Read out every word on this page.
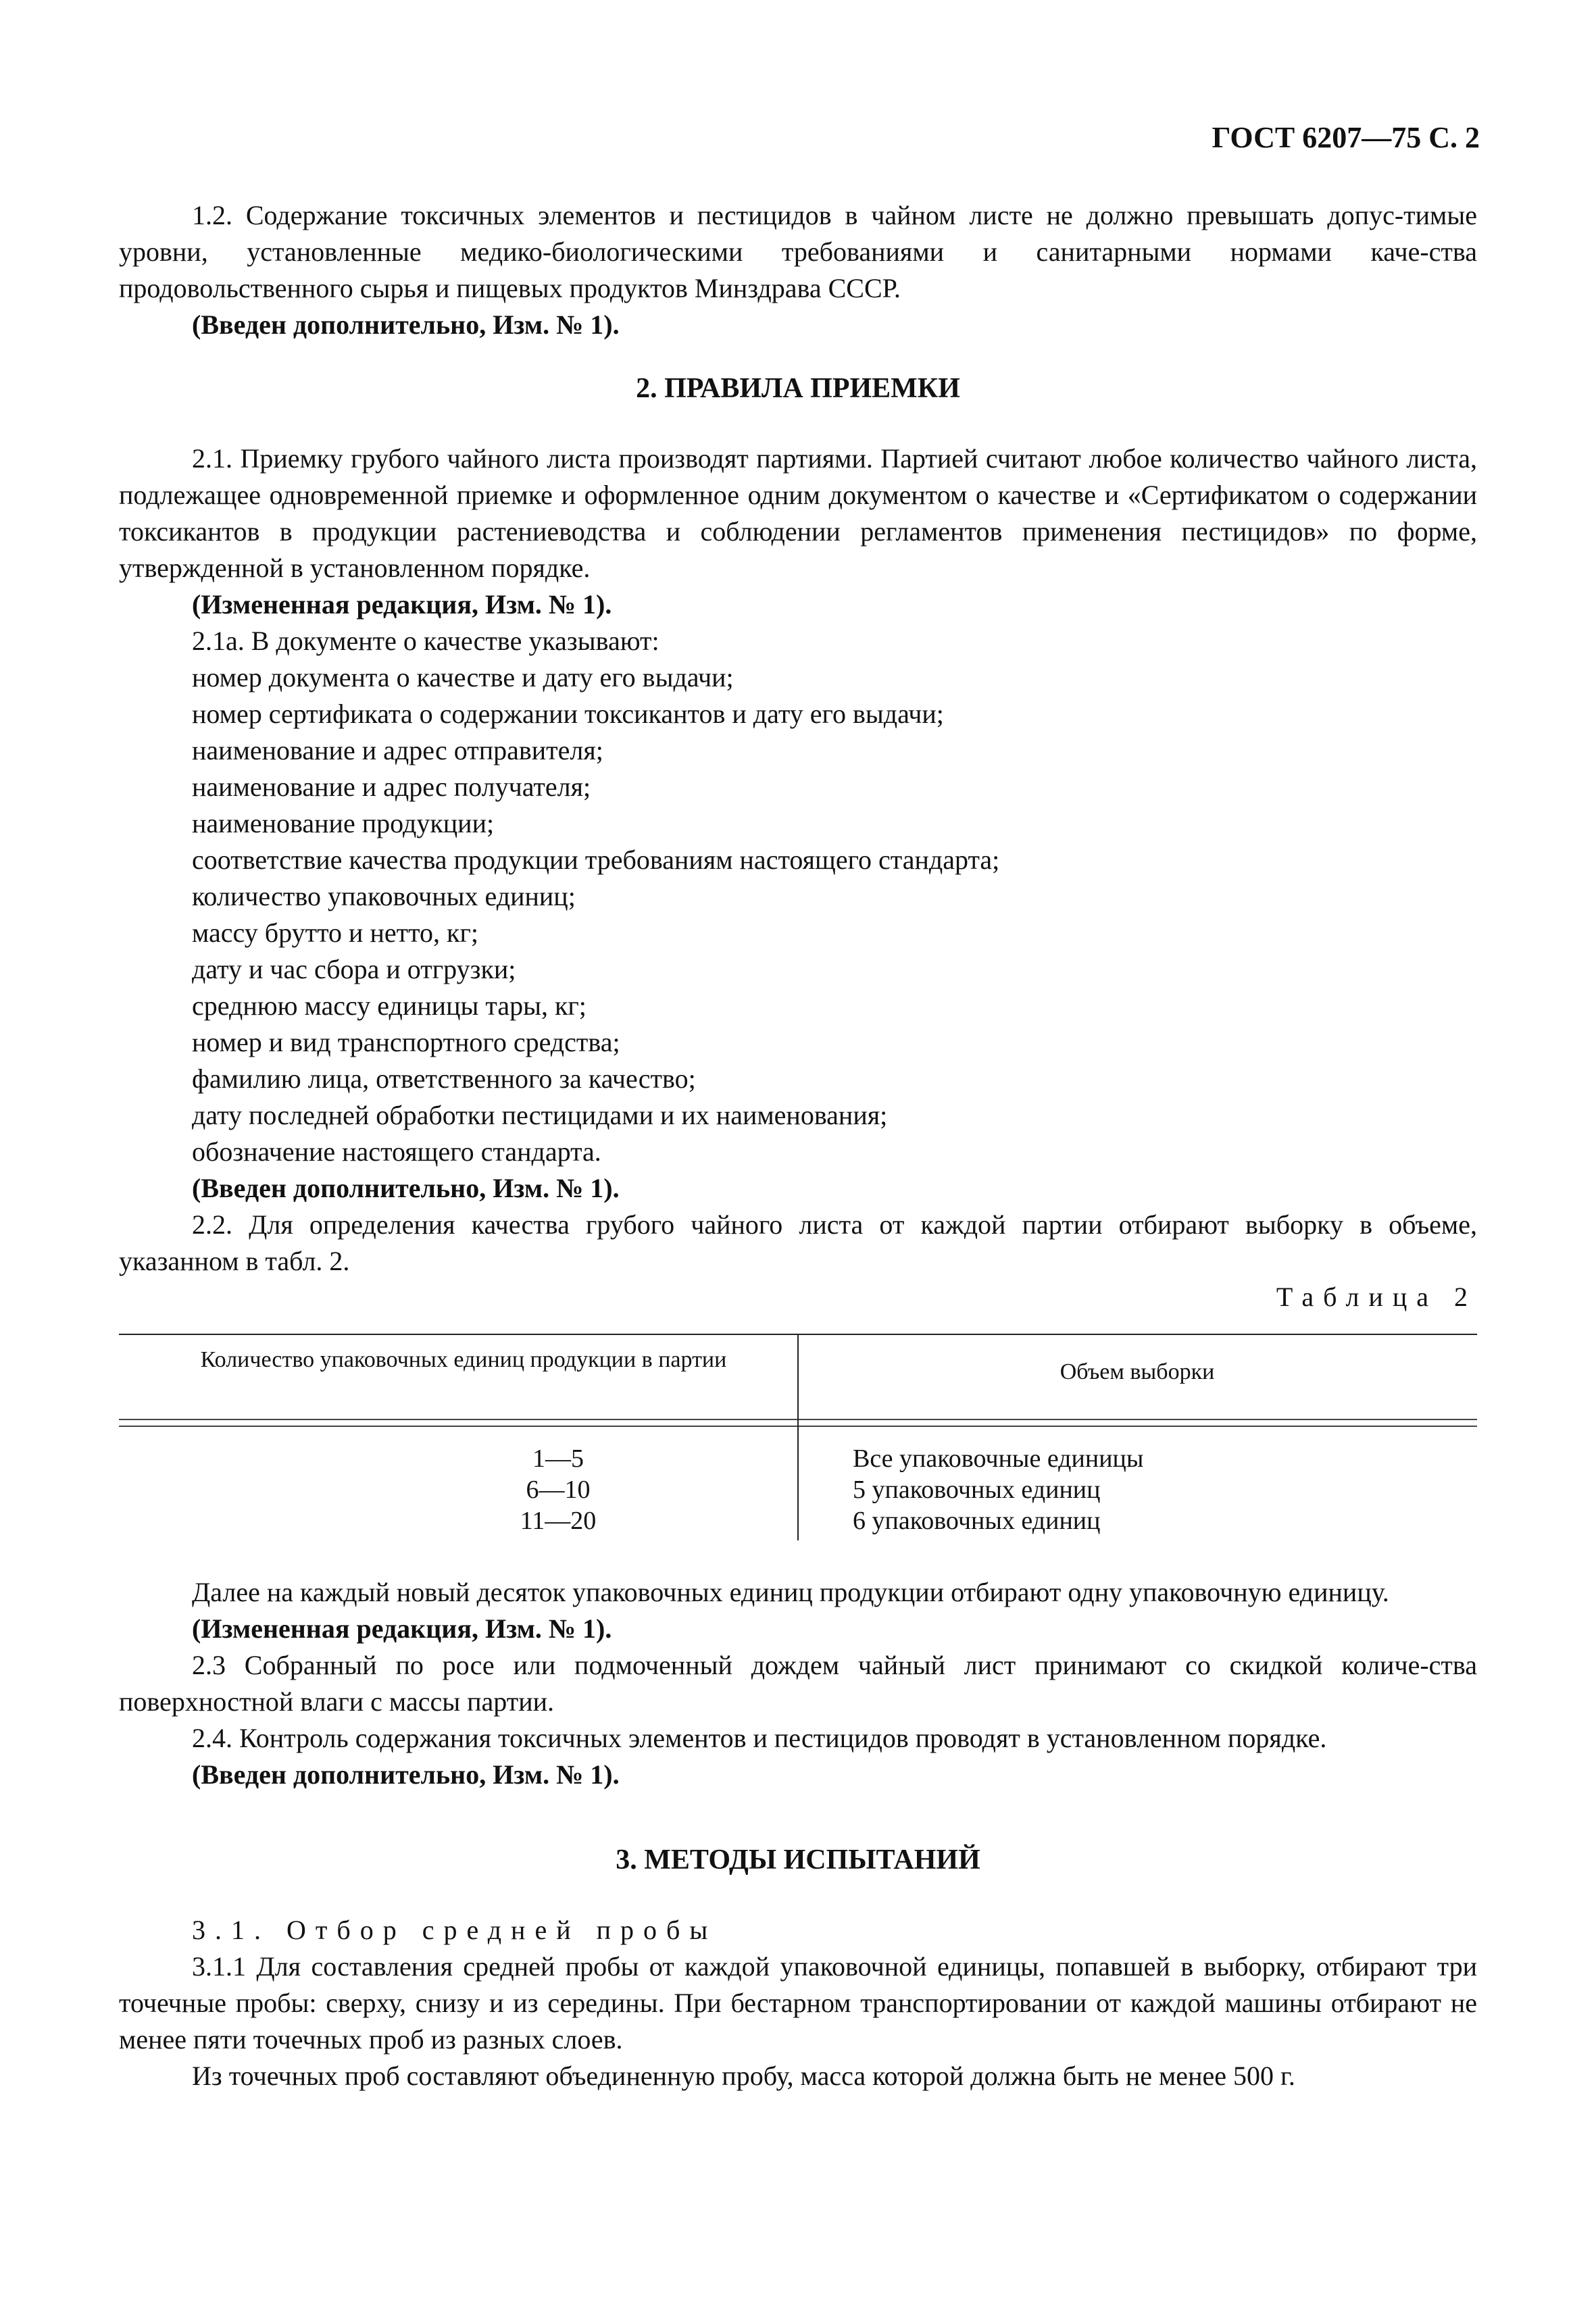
ГОСТ 6207—75 С. 2

1.2. Содержание токсичных элементов и пестицидов в чайном листе не должно превышать допус-тимые уровни, установленные медико-биологическими требованиями и санитарными нормами каче-ства продовольственного сырья и пищевых продуктов Минздрава СССР.

(Введен дополнительно, Изм. № 1).
2. ПРАВИЛА ПРИЕМКИ

2.1. Приемку грубого чайного листа производят партиями. Партией считают любое количество чайного листа, подлежащее одновременной приемке и оформленное одним документом о качестве и «Сертификатом о содержании токсикантов в продукции растениеводства и соблюдении регламентов применения пестицидов» по форме, утвержденной в установленном порядке.

(Измененная редакция, Изм. № 1).
2.1а. В документе о качестве указывают:
номер документа о качестве и дату его выдачи;
номер сертификата о содержании токсикантов и дату его выдачи;
наименование и адрес отправителя;
наименование и адрес получателя;
наименование продукции;
соответствие качества продукции требованиям настоящего стандарта;
количество упаковочных единиц;
массу брутто и нетто, кг;
дату и час сбора и отгрузки;
среднюю массу единицы тары, кг;
номер и вид транспортного средства;
фамилию лица, ответственного за качество;
дату последней обработки пестицидами и их наименования;
обозначение настоящего стандарта.
(Введен дополнительно, Изм. № 1).

2.2. Для определения качества грубого чайного листа от каждой партии отбирают выборку в объеме, указанном в табл. 2.

Таблица 2
Количество упаковочных единиц продукции в партии	Объем выборки
1—5
6—10
11—20
Все упаковочные единицы
5 упаковочных единиц
6 упаковочных единиц

Далее на каждый новый десяток упаковочных единиц продукции отбирают одну упаковочную единицу.

(Измененная редакция, Изм. № 1).

2.3 Собранный по росе или подмоченный дождем чайный лист принимают со скидкой количе-ства поверхностной влаги с массы партии.

2.4. Контроль содержания токсичных элементов и пестицидов проводят в установленном порядке.
(Введен дополнительно, Изм. № 1).
3. МЕТОДЫ ИСПЫТАНИЙ
3.1. Отбор средней пробы

3.1.1 Для составления средней пробы от каждой упаковочной единицы, попавшей в выборку, отбирают три точечные пробы: сверху, снизу и из середины. При бестарном транспортировании от каждой машины отбирают не менее пяти точечных проб из разных слоев.

Из точечных проб составляют объединенную пробу, масса которой должна быть не менее 500 г.
